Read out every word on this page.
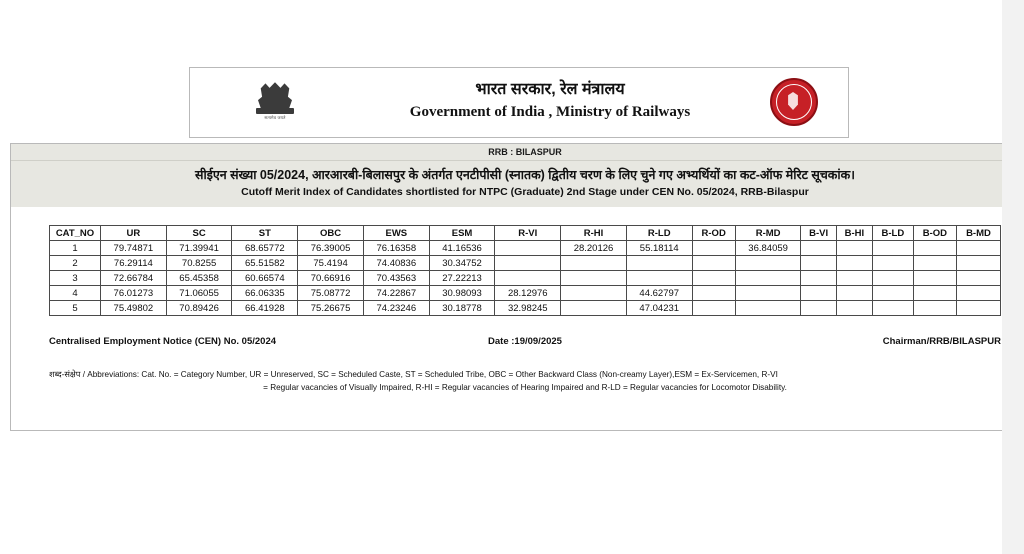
सत्यमेव जयते
भारत सरकार, रेल मंत्रालय
Government of India , Ministry of Railways
RRB : BILASPUR
सीईएन संख्या 05/2024, आरआरबी-बिलासपुर के अंतर्गत एनटीपीसी (स्नातक) द्वितीय चरण के लिए चुने गए अभ्यर्थियों का कट-ऑफ मेरिट सूचकांक।
Cutoff Merit Index of Candidates shortlisted for NTPC (Graduate) 2nd Stage under CEN No. 05/2024, RRB-Bilaspur
CAT_NO	UR	SC	ST	OBC	EWS	ESM	R-VI	R-HI	R-LD	R-OD	R-MD	B-VI	B-HI	B-LD	B-OD	B-MD
1	79.74871	71.39941	68.65772	76.39005	76.16358	41.16536		28.20126	55.18114		36.84059					
2	76.29114	70.8255	65.51582	75.4194	74.40836	30.34752										
3	72.66784	65.45358	60.66574	70.66916	70.43563	27.22213										
4	76.01273	71.06055	66.06335	75.08772	74.22867	30.98093	28.12976		44.62797							
5	75.49802	70.89426	66.41928	75.26675	74.23246	30.18778	32.98245		47.04231							
Centralised Employment Notice (CEN) No. 05/2024	Date :19/09/2025	Chairman/RRB/BILASPUR
शब्द-संक्षेप / Abbreviations: Cat. No. = Category Number, UR = Unreserved, SC = Scheduled Caste, ST = Scheduled Tribe, OBC = Other Backward Class (Non-creamy Layer),ESM = Ex-Servicemen, R-VI
= Regular vacancies of Visually Impaired, R-HI = Regular vacancies of Hearing Impaired and R-LD = Regular vacancies for Locomotor Disability.
